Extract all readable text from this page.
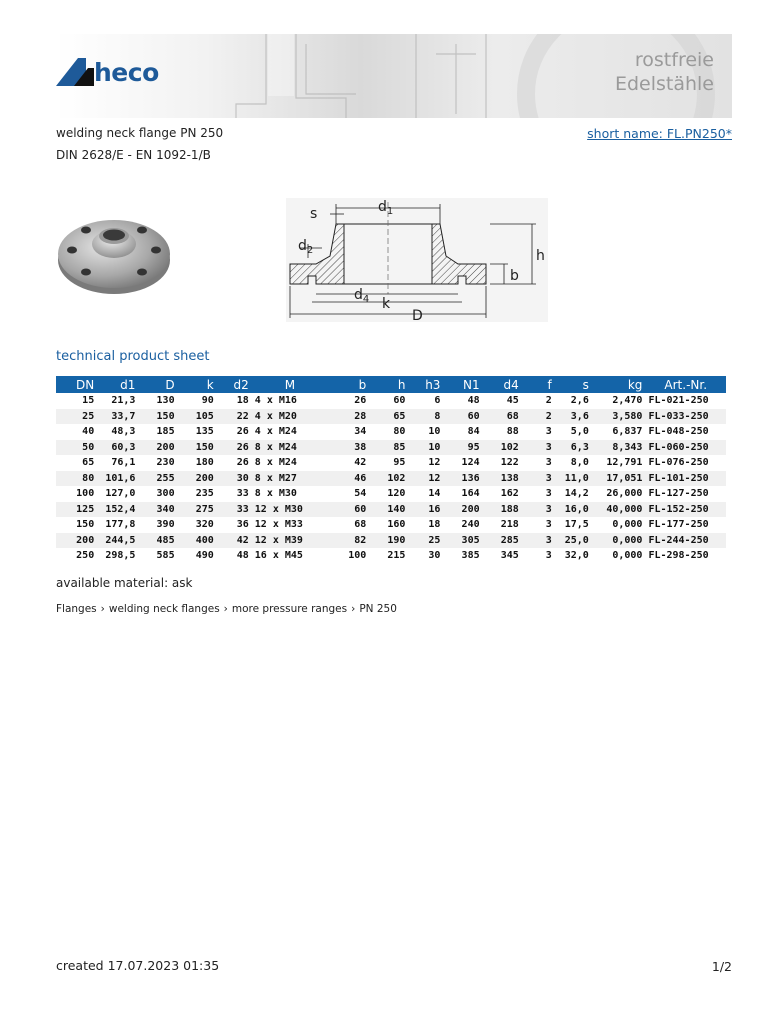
heco	rostfreie
Edelstähle
welding neck flange PN 250	short name: FL.PN250*
DIN 2628/E - EN 1092-1/B
s	$d_1$
$d_2$	h
b
$d_4$ k
D
technical product sheet
DN	d1	D	k	d2	M	b	h	h3	N1	d4	f	s	kg	Art.-Nr.
15	21,3	130	90	18	4 x M16	26	60	6	48	45	2	2,6	2,470	FL-021-250
25	33,7	150	105	22	4 x M20	28	65	8	60	68	2	3,6	3,580	FL-033-250
40	48,3	185	135	26	4 x M24	34	80	10	84	88	3	5,0	6,837	FL-048-250
50	60,3	200	150	26	8 x M24	38	85	10	95	102	3	6,3	8,343	FL-060-250
65	76,1	230	180	26	8 x M24	42	95	12	124	122	3	8,0	12,791	FL-076-250
80	101,6	255	200	30	8 x M27	46	102	12	136	138	3	11,0	17,051	FL-101-250
100	127,0	300	235	33	8 x M30	54	120	14	164	162	3	14,2	26,000	FL-127-250
125	152,4	340	275	33	12 x M30	60	140	16	200	188	3	16,0	40,000	FL-152-250
150	177,8	390	320	36	12 x M33	68	160	18	240	218	3	17,5	0,000	FL-177-250
200	244,5	485	400	42	12 x M39	82	190	25	305	285	3	25,0	0,000	FL-244-250
250	298,5	585	490	48	16 x M45	100	215	30	385	345	3	32,0	0,000	FL-298-250
available material: ask
Flanges › welding neck flanges › more pressure ranges › PN 250
created 17.07.2023 01:35	1/2
